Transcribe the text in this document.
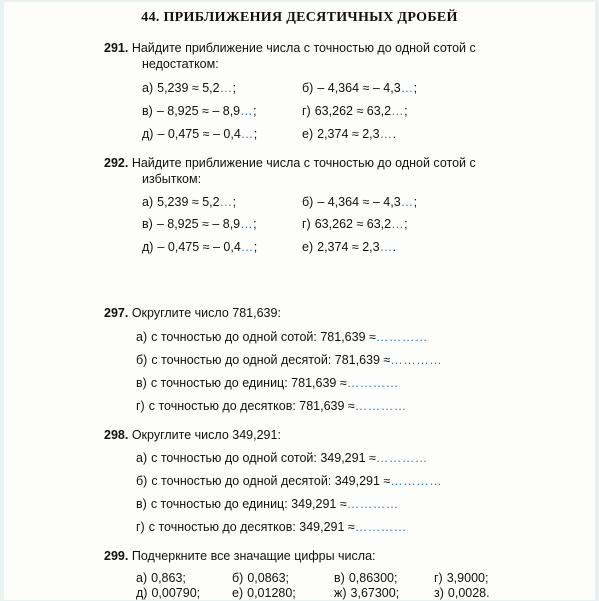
44. ПРИБЛИЖЕНИЯ ДЕСЯТИЧНЫХ ДРОБЕЙ
291. Найдите приближение числа с точностью до одной сотой с
недостатком:
а) 5,239 ≈ 5,2…;	б) – 4,364 ≈ – 4,3…;
в) – 8,925 ≈ – 8,9…;	г) 63,262 ≈ 63,2…;
д) – 0,475 ≈ – 0,4…;	е) 2,374 ≈ 2,3….
292. Найдите приближение числа с точностью до одной сотой с
избытком:
а) 5,239 ≈ 5,2…;	б) – 4,364 ≈ – 4,3…;
в) – 8,925 ≈ – 8,9…;	г) 63,262 ≈ 63,2…;
д) – 0,475 ≈ – 0,4…;	е) 2,374 ≈ 2,3….
297. Округлите число 781,639:
а) с точностью до одной сотой: 781,639 ≈…………
б) с точностью до одной десятой: 781,639 ≈…………
в) с точностью до единиц: 781,639 ≈…………
г) с точностью до десятков: 781,639 ≈…………
298. Округлите число 349,291:
а) с точностью до одной сотой: 349,291 ≈…………
б) с точностью до одной десятой: 349,291 ≈…………
в) с точностью до единиц: 349,291 ≈…………
г) с точностью до десятков: 349,291 ≈…………
299. Подчеркните все значащие цифры числа:
а) 0,863;	б) 0,0863;	в) 0,86300;	г) 3,9000;
д) 0,00790;	е) 0,01280;	ж) 3,67300;	з) 0,0028.
